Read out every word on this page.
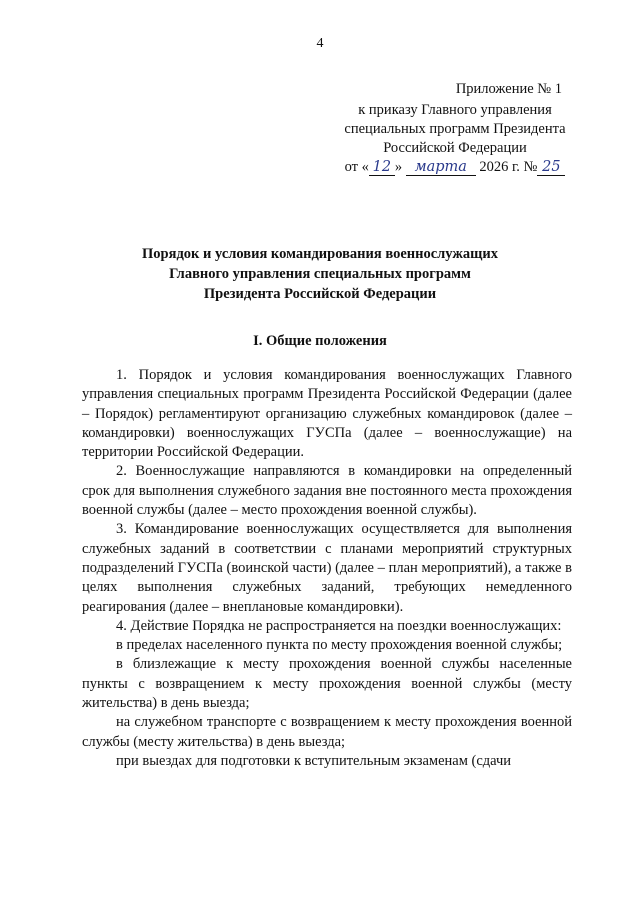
4
Приложение № 1
к приказу Главного управления
специальных программ Президента
Российской Федерации
от « 12 » марта 2026 г. № 25
Порядок и условия командирования военнослужащих
Главного управления специальных программ
Президента Российской Федерации
I. Общие положения

1. Порядок и условия командирования военнослужащих Главного управления специальных программ Президента Российской Федерации (далее – Порядок) регламентируют организацию служебных командировок (далее – командировки) военнослужащих ГУСПа (далее – военнослужащие) на территории Российской Федерации.

2. Военнослужащие направляются в командировки на определенный срок для выполнения служебного задания вне постоянного места прохождения военной службы (далее – место прохождения военной службы).

3. Командирование военнослужащих осуществляется для выполнения служебных заданий в соответствии с планами мероприятий структурных подразделений ГУСПа (воинской части) (далее – план мероприятий), а также в целях выполнения служебных заданий, требующих немедленного реагирования (далее – внеплановые командировки).

4. Действие Порядка не распространяется на поездки военнослужащих:

в пределах населенного пункта по месту прохождения военной службы;

в близлежащие к месту прохождения военной службы населенные пункты с возвращением к месту прохождения военной службы (месту жительства) в день выезда;

на служебном транспорте с возвращением к месту прохождения военной службы (месту жительства) в день выезда;

при выездах для подготовки к вступительным экзаменам (сдачи
